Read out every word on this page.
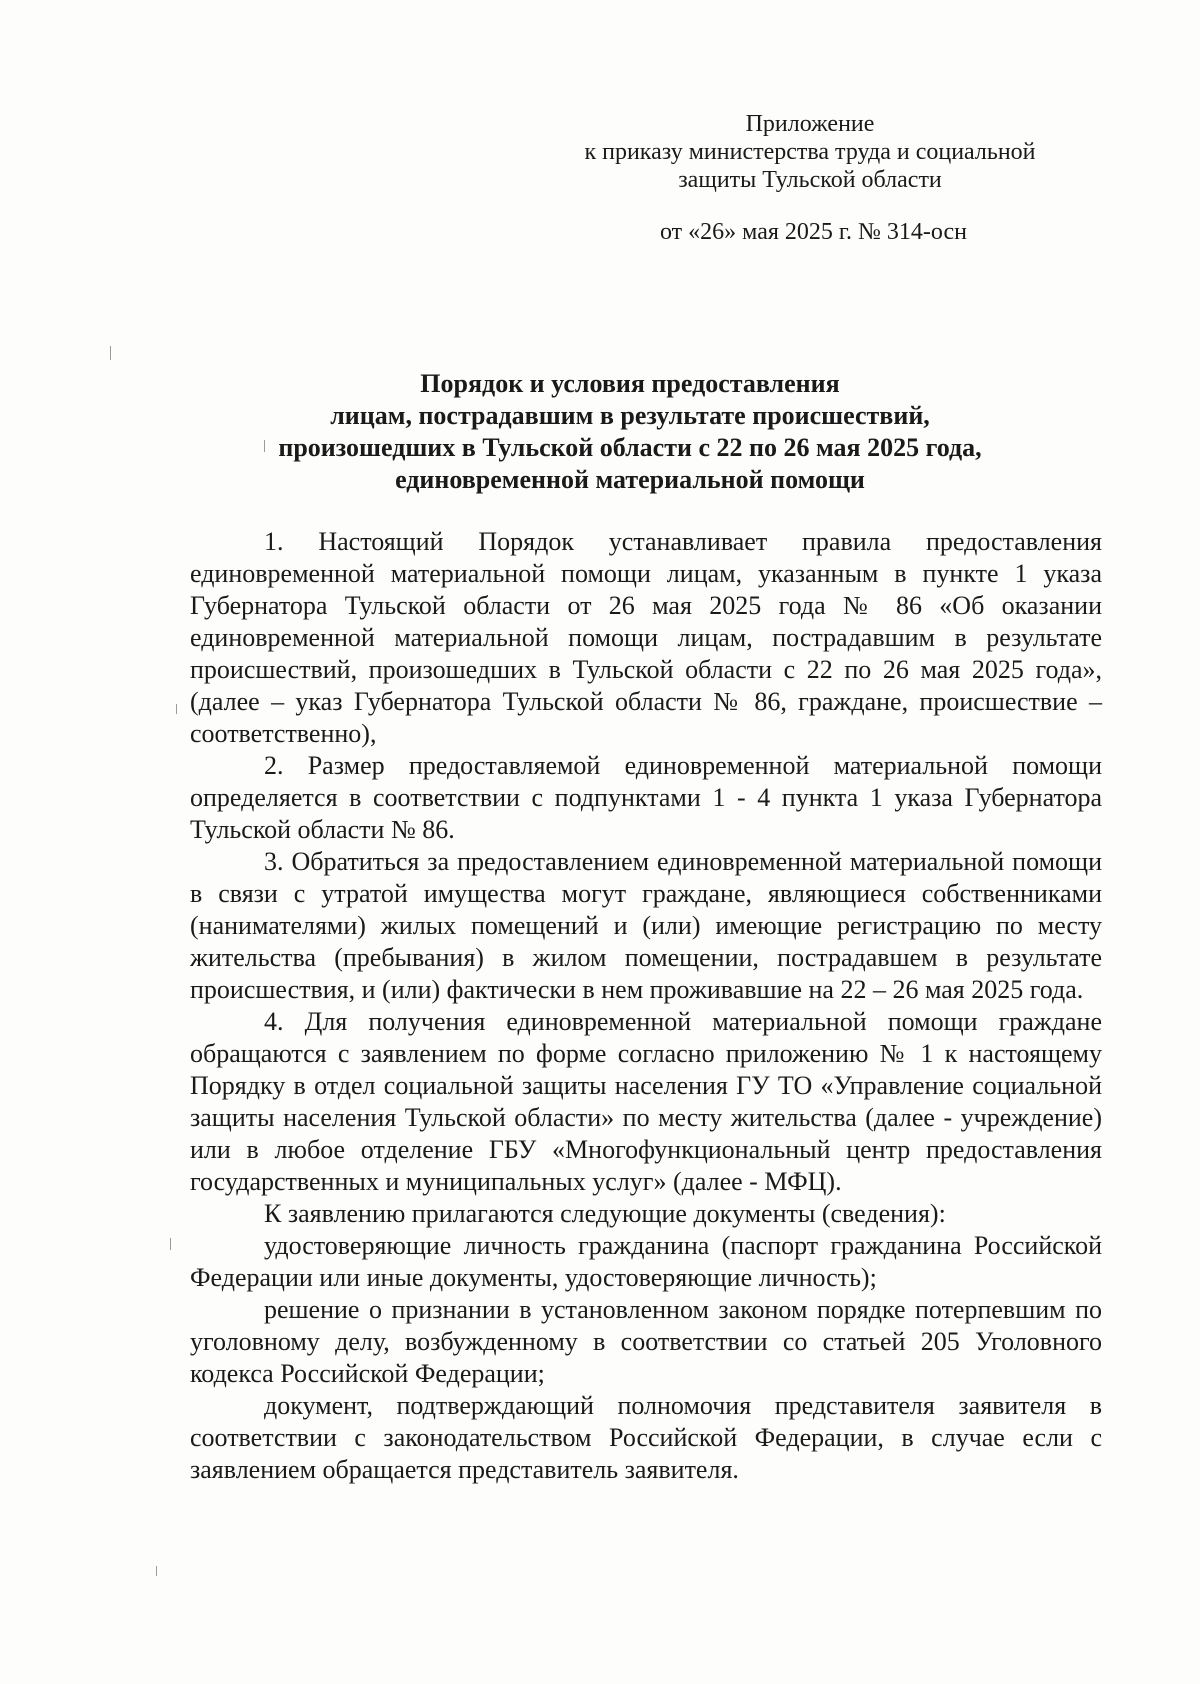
Приложение
к приказу министерства труда и социальной
защиты Тульской области
от «26» мая 2025 г. № 314-осн
Порядок и условия предоставления
лицам, пострадавшим в результате происшествий,
произошедших в Тульской области с 22 по 26 мая 2025 года,
единовременной материальной помощи

1. Настоящий Порядок устанавливает правила предоставления единовременной материальной помощи лицам, указанным в пункте 1 указа Губернатора Тульской области от 26 мая 2025 года № 86 «Об оказании единовременной материальной помощи лицам, пострадавшим в результате происшествий, произошедших в Тульской области с 22 по 26 мая 2025 года», (далее – указ Губернатора Тульской области № 86, граждане, происшествие – соответственно),

2. Размер предоставляемой единовременной материальной помощи определяется в соответствии с подпунктами 1 - 4 пункта 1 указа Губернатора Тульской области № 86.

3. Обратиться за предоставлением единовременной материальной помощи в связи с утратой имущества могут граждане, являющиеся собственниками (нанимателями) жилых помещений и (или) имеющие регистрацию по месту жительства (пребывания) в жилом помещении, пострадавшем в результате происшествия, и (или) фактически в нем проживавшие на 22 – 26 мая 2025 года.

4. Для получения единовременной материальной помощи граждане обращаются с заявлением по форме согласно приложению № 1 к настоящему Порядку в отдел социальной защиты населения ГУ ТО «Управление социальной защиты населения Тульской области» по месту жительства (далее - учреждение) или в любое отделение ГБУ «Многофункциональный центр предоставления государственных и муниципальных услуг» (далее - МФЦ).

К заявлению прилагаются следующие документы (сведения):

удостоверяющие личность гражданина (паспорт гражданина Российской Федерации или иные документы, удостоверяющие личность);

решение о признании в установленном законом порядке потерпевшим по уголовному делу, возбужденному в соответствии со статьей 205 Уголовного кодекса Российской Федерации;

документ, подтверждающий полномочия представителя заявителя в соответствии с законодательством Российской Федерации, в случае если с заявлением обращается представитель заявителя.
